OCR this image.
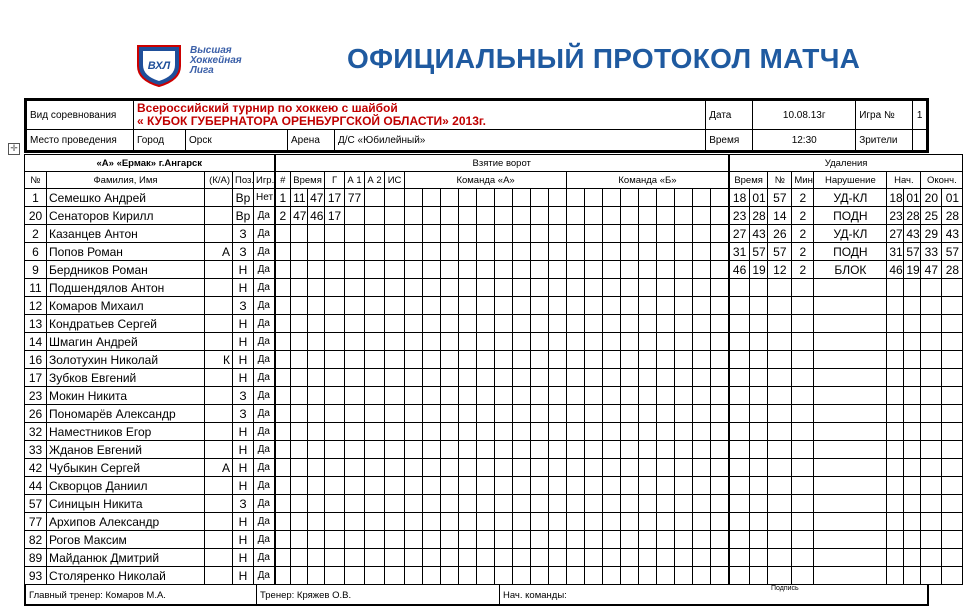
ВХЛ
Высшая
Хоккейная
Лига	ОФИЦИАЛЬНЫЙ ПРОТОКОЛ МАТЧА
Вид соревнования	Всероссийский турнир по хоккею с шайбой
« КУБОК ГУБЕРНАТОРА ОРЕНБУРГСКОЙ ОБЛАСТИ» 2013г.				Дата	10.08.13г	Игра №	1
Место проведения	Город	Орск	Арена	Д/С «Юбилейный»	Время	12:30	Зрители	
✛
«А» «Ермак» г.Ангарск					Взятие ворот																									Удаления								
№	Фамилия, Имя	(К/А)	Поз.	Игр.	#	Время		Г	А 1	А 2	ИС	Команда «А»									Команда «Б»									Время		№	Мин	Нарушение	Нач.		Оконч.	
1	Семешко Андрей		Вр	Нет	1	11	47	17	77																					18	01	57	2	УД-КЛ	18	01	20	01
20	Сенаторов Кирилл		Вр	Да	2	47	46	17																						23	28	14	2	ПОДН	23	28	25	28
2	Казанцев Антон		З	Да																										27	43	26	2	УД-КЛ	27	43	29	43
6	Попов Роман	А	З	Да																										31	57	57	2	ПОДН	31	57	33	57
9	Бердников Роман		Н	Да																										46	19	12	2	БЛОК	46	19	47	28
11	Подшендялов Антон		Н	Да																																		
12	Комаров Михаил		З	Да																																		
13	Кондратьев Сергей		Н	Да																																		
14	Шмагин Андрей		Н	Да																																		
16	Золотухин Николай	К	Н	Да																																		
17	Зубков Евгений		Н	Да																																		
23	Мокин Никита		З	Да																																		
26	Пономарёв Александр		З	Да																																		
32	Наместников Егор		Н	Да																																		
33	Жданов Евгений		Н	Да																																		
42	Чубыкин Сергей	А	Н	Да																																		
44	Скворцов Даниил		Н	Да																																		
57	Синицын Никита		З	Да																																		
77	Архипов Александр		Н	Да																																		
82	Рогов Максим		Н	Да																																		
89	Майданюк Дмитрий		Н	Да																																		
93	Столяренко Николай		Н	Да																																		
Главный тренер: Комаров М.А.	Тренер: Кряжев О.В.	Нач. команды:
Подпись
